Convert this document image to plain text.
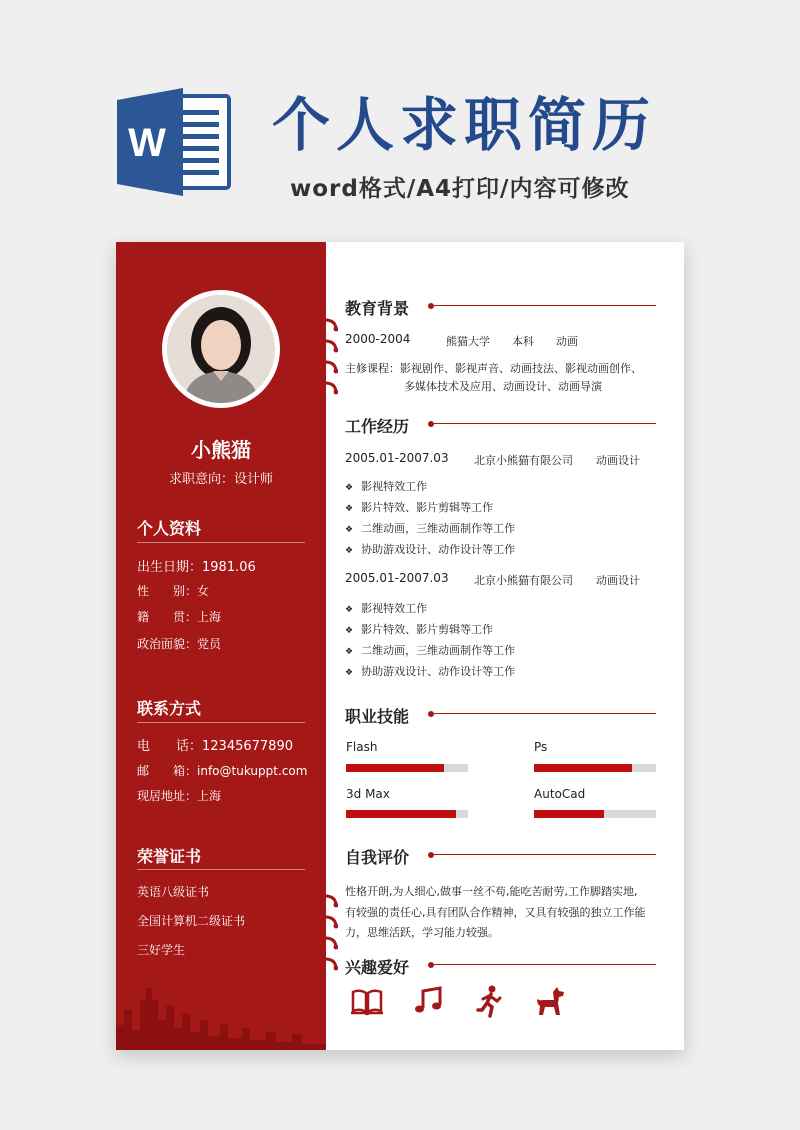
W 个人求职简历
word格式/A4打印/内容可修改
小熊猫
求职意向：设计师
个人资料
出生日期：1981.06
性　　别：女
籍　　贯：上海
政治面貌：党员
联系方式
电　　话：12345677890
邮　　箱：info@tukuppt.com
现居地址：上海
荣誉证书
英语八级证书
全国计算机二级证书
三好学生
教育背景
2000-2004	熊猫大学 本科 动画
主修课程：影视剧作、影视声音、动画技法、影视动画创作、
多媒体技术及应用、动画设计、动画导演
工作经历
2005.01-2007.03 北京小熊猫有限公司 动画设计
❖ 影视特效工作
❖ 影片特效、影片剪辑等工作
❖ 二维动画，三维动画制作等工作
❖ 协助游戏设计、动作设计等工作
2005.01-2007.03 北京小熊猫有限公司 动画设计
❖ 影视特效工作
❖ 影片特效、影片剪辑等工作
❖ 二维动画，三维动画制作等工作
❖ 协助游戏设计、动作设计等工作
职业技能
Flash	Ps
3d Max	AutoCad
自我评价
性格开朗,为人细心,做事一丝不苟,能吃苦耐劳,工作脚踏实地,
有较强的责任心,具有团队合作精神，又具有较强的独立工作能
力，思维活跃，学习能力较强。
兴趣爱好
